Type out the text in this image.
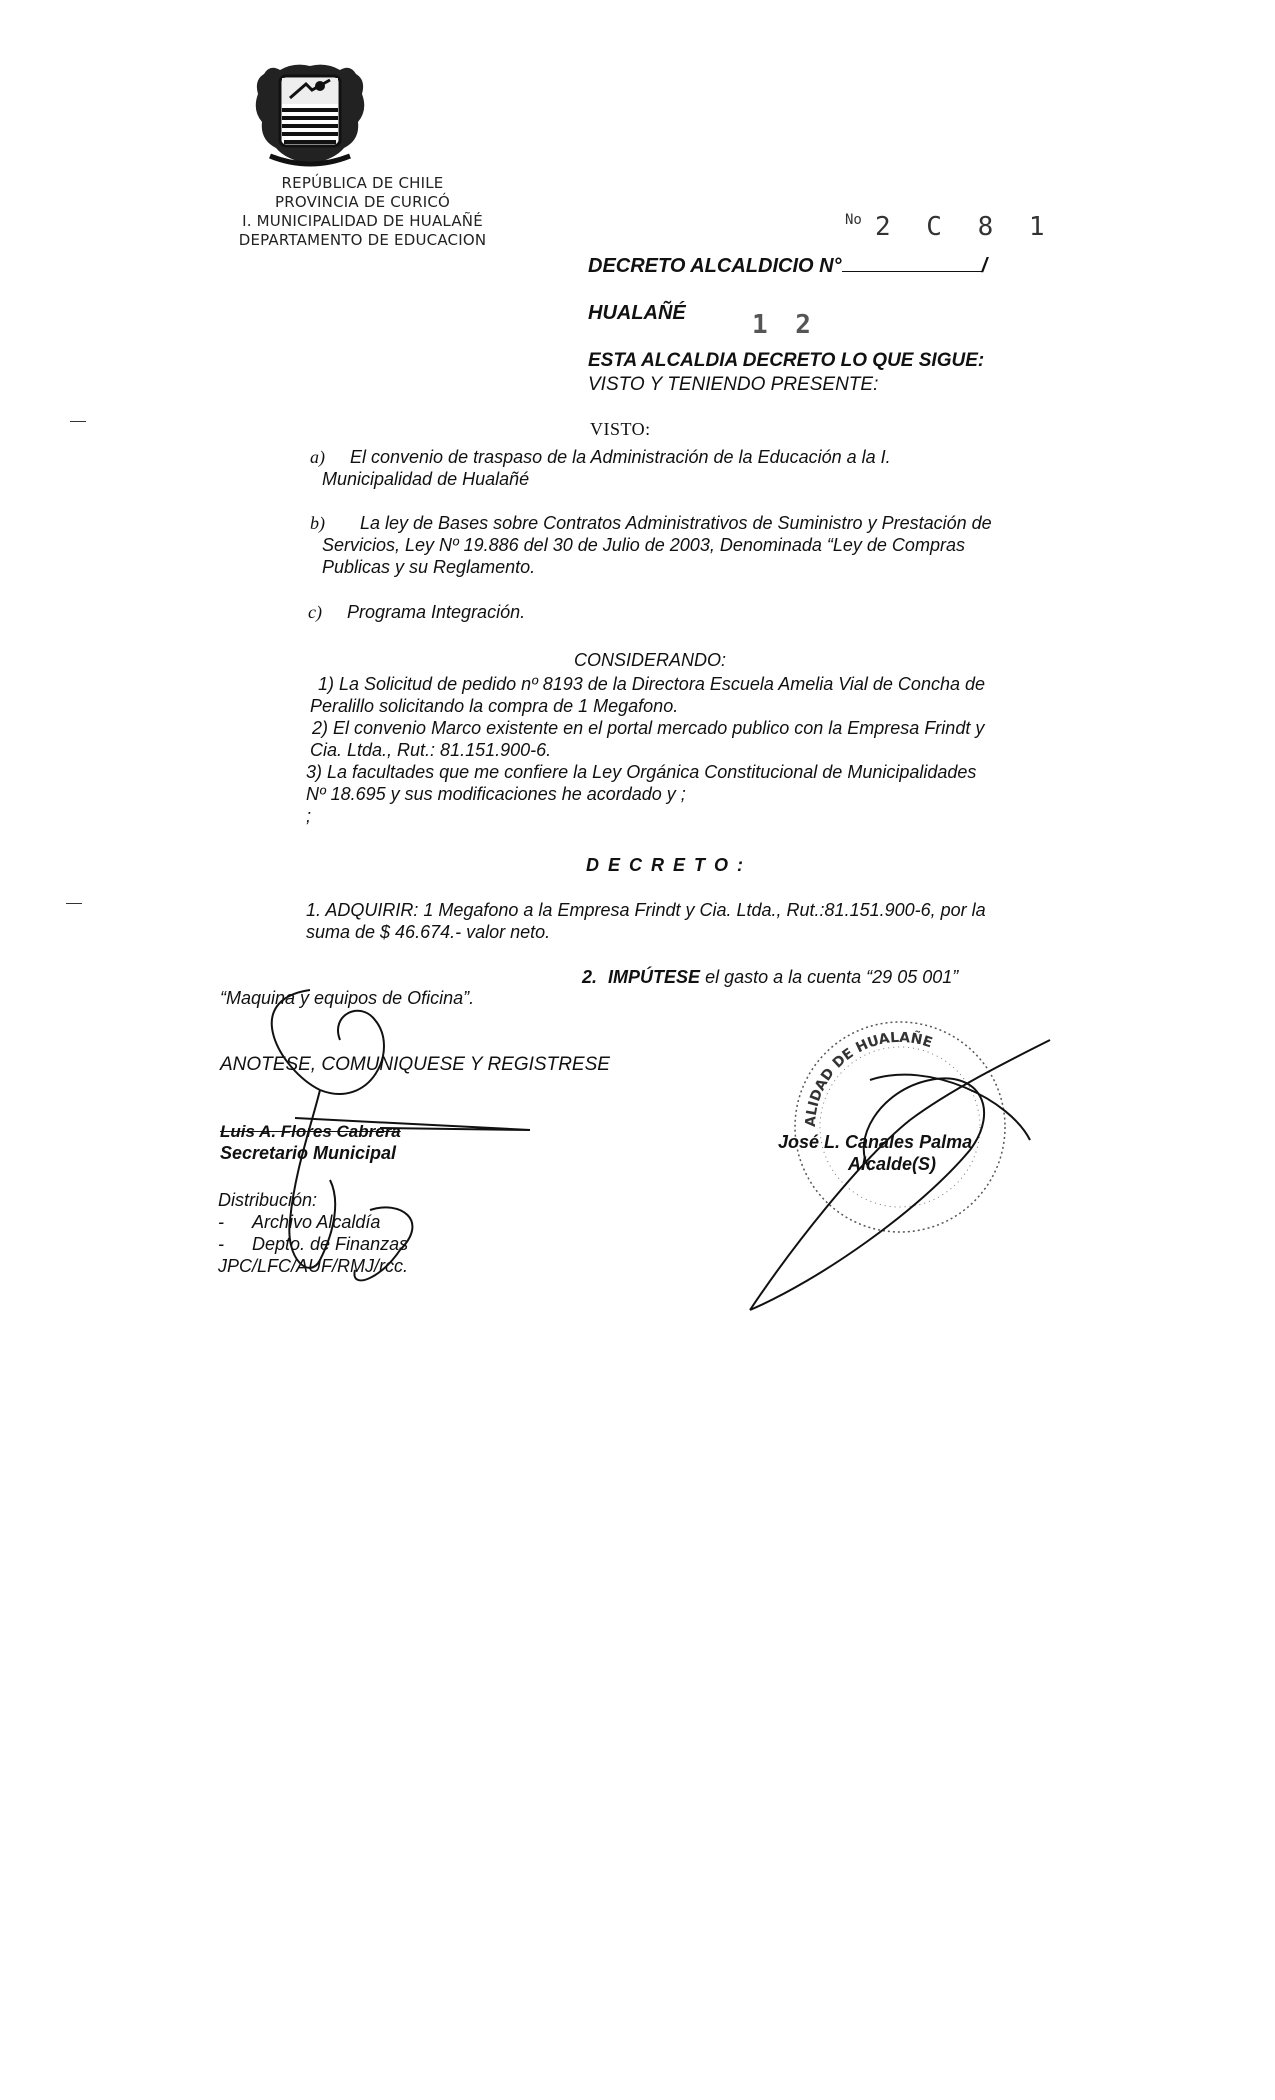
REPÚBLICA DE CHILE
PROVINCIA DE CURICÓ
I. MUNICIPALIDAD DE HUALAÑÉ
DEPARTAMENTO DE EDUCACION
No 2 C 8 1
DECRETO ALCALDICIO N°	/
HUALAÑÉ	1 2
ESTA ALCALDIA DECRETO LO QUE SIGUE:
VISTO Y TENIENDO PRESENTE:
VISTO:
a) El convenio de traspaso de la Administración de la Educación a la I.
Municipalidad de Hualañé
b) La ley de Bases sobre Contratos Administrativos de Suministro y Prestación de
Servicios, Ley Nº 19.886 del 30 de Julio de 2003, Denominada “Ley de Compras
Publicas y su Reglamento.
c) Programa Integración.
CONSIDERANDO:
1) La Solicitud de pedido nº 8193 de la Directora Escuela Amelia Vial de Concha de
Peralillo solicitando la compra de 1 Megafono.
2) El convenio Marco existente en el portal mercado publico con la Empresa Frindt y
Cia. Ltda., Rut.: 81.151.900-6.
3) La facultades que me confiere la Ley Orgánica Constitucional de Municipalidades
Nº 18.695 y sus modificaciones he acordado y ;
;
D E C R E T O :
1. ADQUIRIR: 1 Megafono a la Empresa Frindt y Cia. Ltda., Rut.:81.151.900-6, por la
suma de $ 46.674.- valor neto.
2. IMPÚTESE el gasto a la cuenta “29 05 001”
“Maquina y equipos de Oficina”.
ANOTESE, COMUNIQUESE Y REGISTRESE
Luis A. Flores Cabrera
Secretario Municipal
Distribución:
- Archivo Alcaldía
- Depto. de Finanzas
JPC/LFC/AUF/RMJ/rcc.
ALIDAD DE HUALAÑE
José L. Canales Palma
Alcalde(S)
